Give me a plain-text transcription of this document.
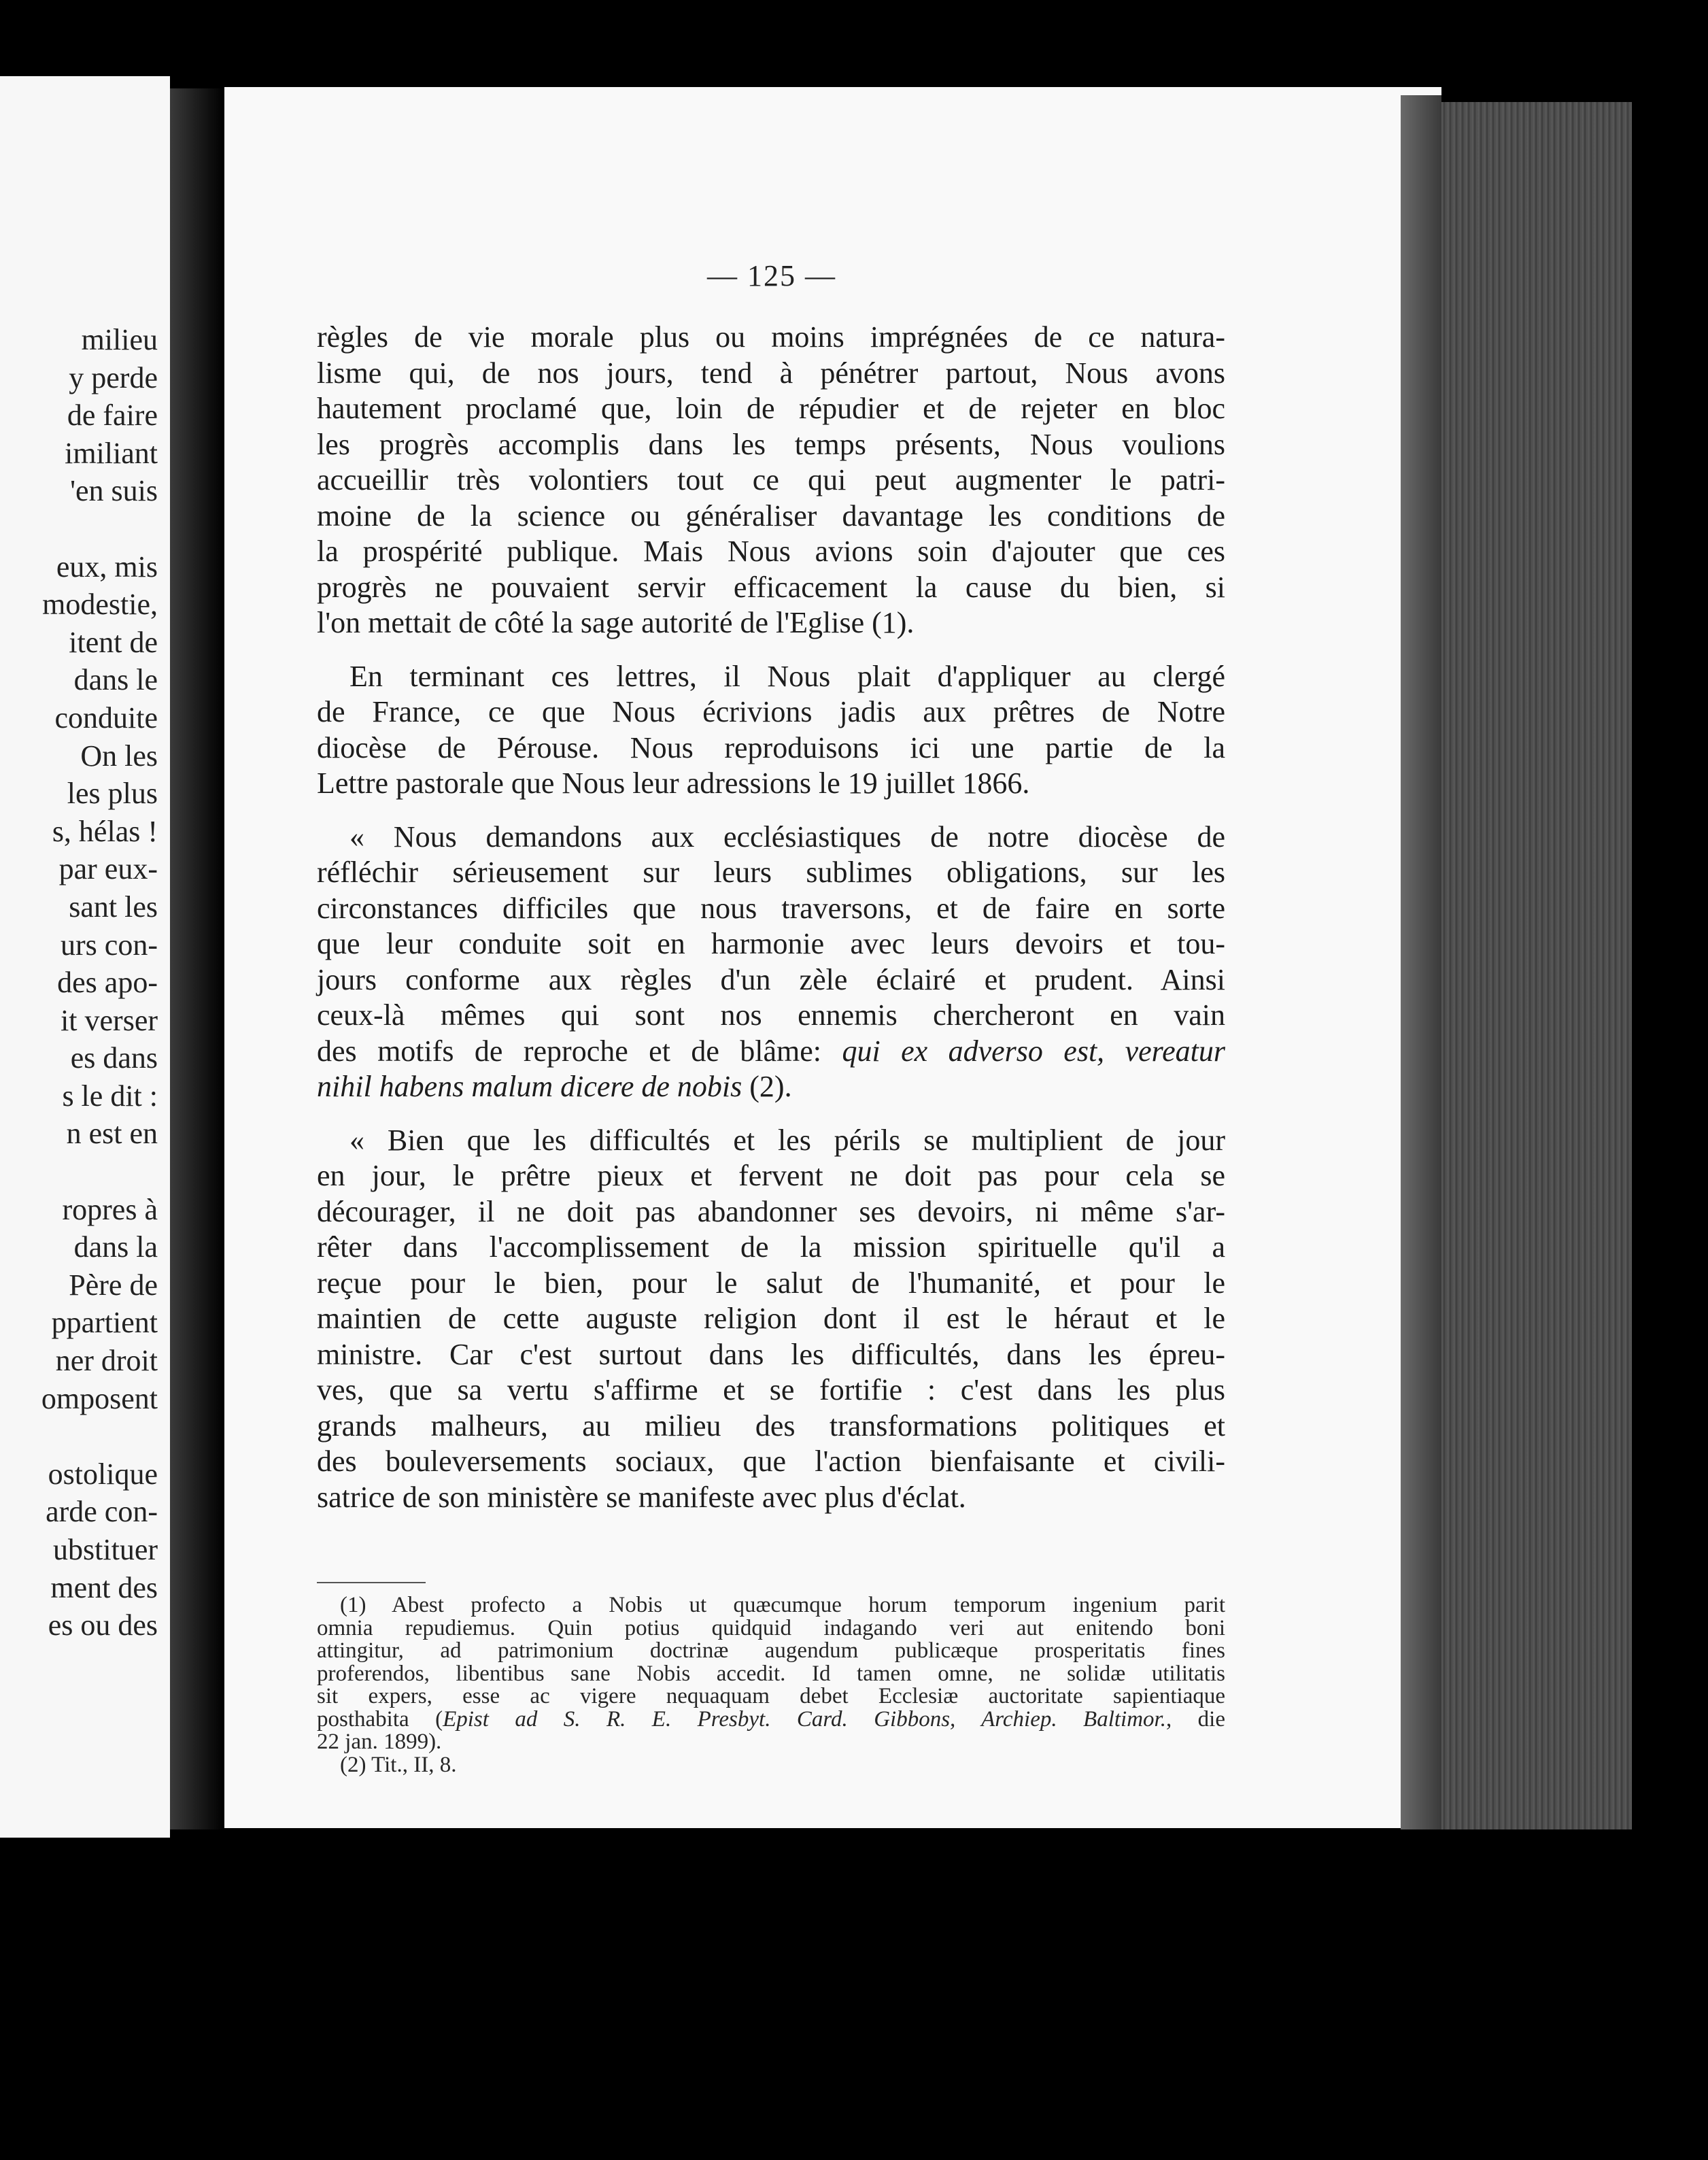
milieu
y perde
de faire
imiliant
'en suis
eux, mis
modestie,
itent de
dans le
conduite
On les
les plus
s, hélas !
par eux-
sant les
urs con-
des apo-
it verser
es dans
s le dit :
n est en
ropres à
dans la
Père de
ppartient
ner droit
omposent
ostolique
arde con-
ubstituer
ment des
es ou des
— 125 —
règles de vie morale plus ou moins imprégnées de ce natura-
lisme qui, de nos jours, tend à pénétrer partout, Nous avons
hautement proclamé que, loin de répudier et de rejeter en bloc
les progrès accomplis dans les temps présents, Nous voulions
accueillir très volontiers tout ce qui peut augmenter le patri-
moine de la science ou généraliser davantage les conditions de
la prospérité publique. Mais Nous avions soin d'ajouter que ces
progrès ne pouvaient servir efficacement la cause du bien, si
l'on mettait de côté la sage autorité de l'Eglise (1).
En terminant ces lettres, il Nous plait d'appliquer au clergé
de France, ce que Nous écrivions jadis aux prêtres de Notre
diocèse de Pérouse. Nous reproduisons ici une partie de la
Lettre pastorale que Nous leur adressions le 19 juillet 1866.
« Nous demandons aux ecclésiastiques de notre diocèse de
réfléchir sérieusement sur leurs sublimes obligations, sur les
circonstances difficiles que nous traversons, et de faire en sorte
que leur conduite soit en harmonie avec leurs devoirs et tou-
jours conforme aux règles d'un zèle éclairé et prudent. Ainsi
ceux-là mêmes qui sont nos ennemis chercheront en vain
des motifs de reproche et de blâme: qui ex adverso est, vereatur
nihil habens malum dicere de nobis (2).
« Bien que les difficultés et les périls se multiplient de jour
en jour, le prêtre pieux et fervent ne doit pas pour cela se
décourager, il ne doit pas abandonner ses devoirs, ni même s'ar-
rêter dans l'accomplissement de la mission spirituelle qu'il a
reçue pour le bien, pour le salut de l'humanité, et pour le
maintien de cette auguste religion dont il est le héraut et le
ministre. Car c'est surtout dans les difficultés, dans les épreu-
ves, que sa vertu s'affirme et se fortifie : c'est dans les plus
grands malheurs, au milieu des transformations politiques et
des bouleversements sociaux, que l'action bienfaisante et civili-
satrice de son ministère se manifeste avec plus d'éclat.
(1) Abest profecto a Nobis ut quæcumque horum temporum ingenium parit
omnia repudiemus. Quin potius quidquid indagando veri aut enitendo boni
attingitur, ad patrimonium doctrinæ augendum publicæque prosperitatis fines
proferendos, libentibus sane Nobis accedit. Id tamen omne, ne solidæ utilitatis
sit expers, esse ac vigere nequaquam debet Ecclesiæ auctoritate sapientiaque
posthabita (Epist ad S. R. E. Presbyt. Card. Gibbons, Archiep. Baltimor., die
22 jan. 1899).
(2) Tit., II, 8.
